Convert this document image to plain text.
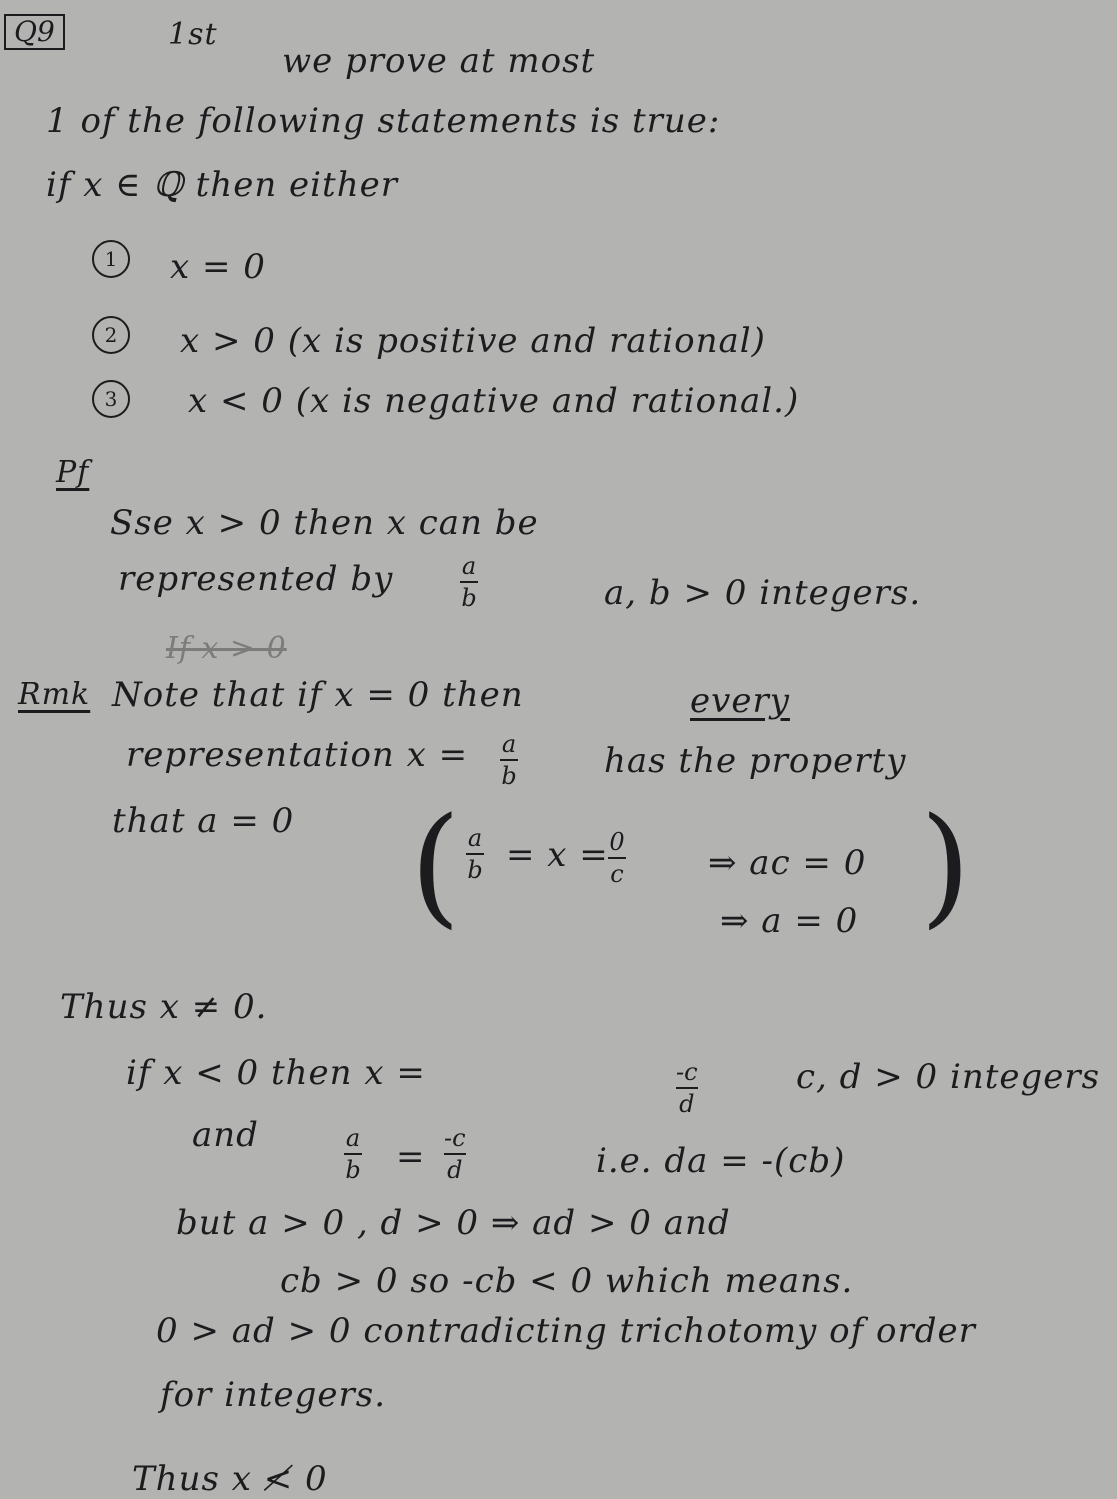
Q9	1st
we prove at most
1 of the following statements is true:
if x ∈ ℚ then either
1	x = 0
2	x > 0 (x is positive and rational)
3	x < 0 (x is negative and rational.)
Pf
Sse x > 0 then x can be
represented by	a
b	a, b > 0 integers.
If x > 0
Rmk Note that if x = 0 then	every
representation x = a
b	has the property
that a = 0 ( a
b = x = 0
c ⇒ ac = 0
⇒ a = 0 )
Thus x ≠ 0.
if x < 0 then x =	-c
d
c, d > 0 integers
and	a
b = -c
d	i.e. da = -(cb)
but a > 0 , d > 0 ⇒ ad > 0 and
cb > 0 so -cb < 0 which means.
0 > ad > 0 contradicting trichotomy of order
for integers.
Thus x ≮ 0
